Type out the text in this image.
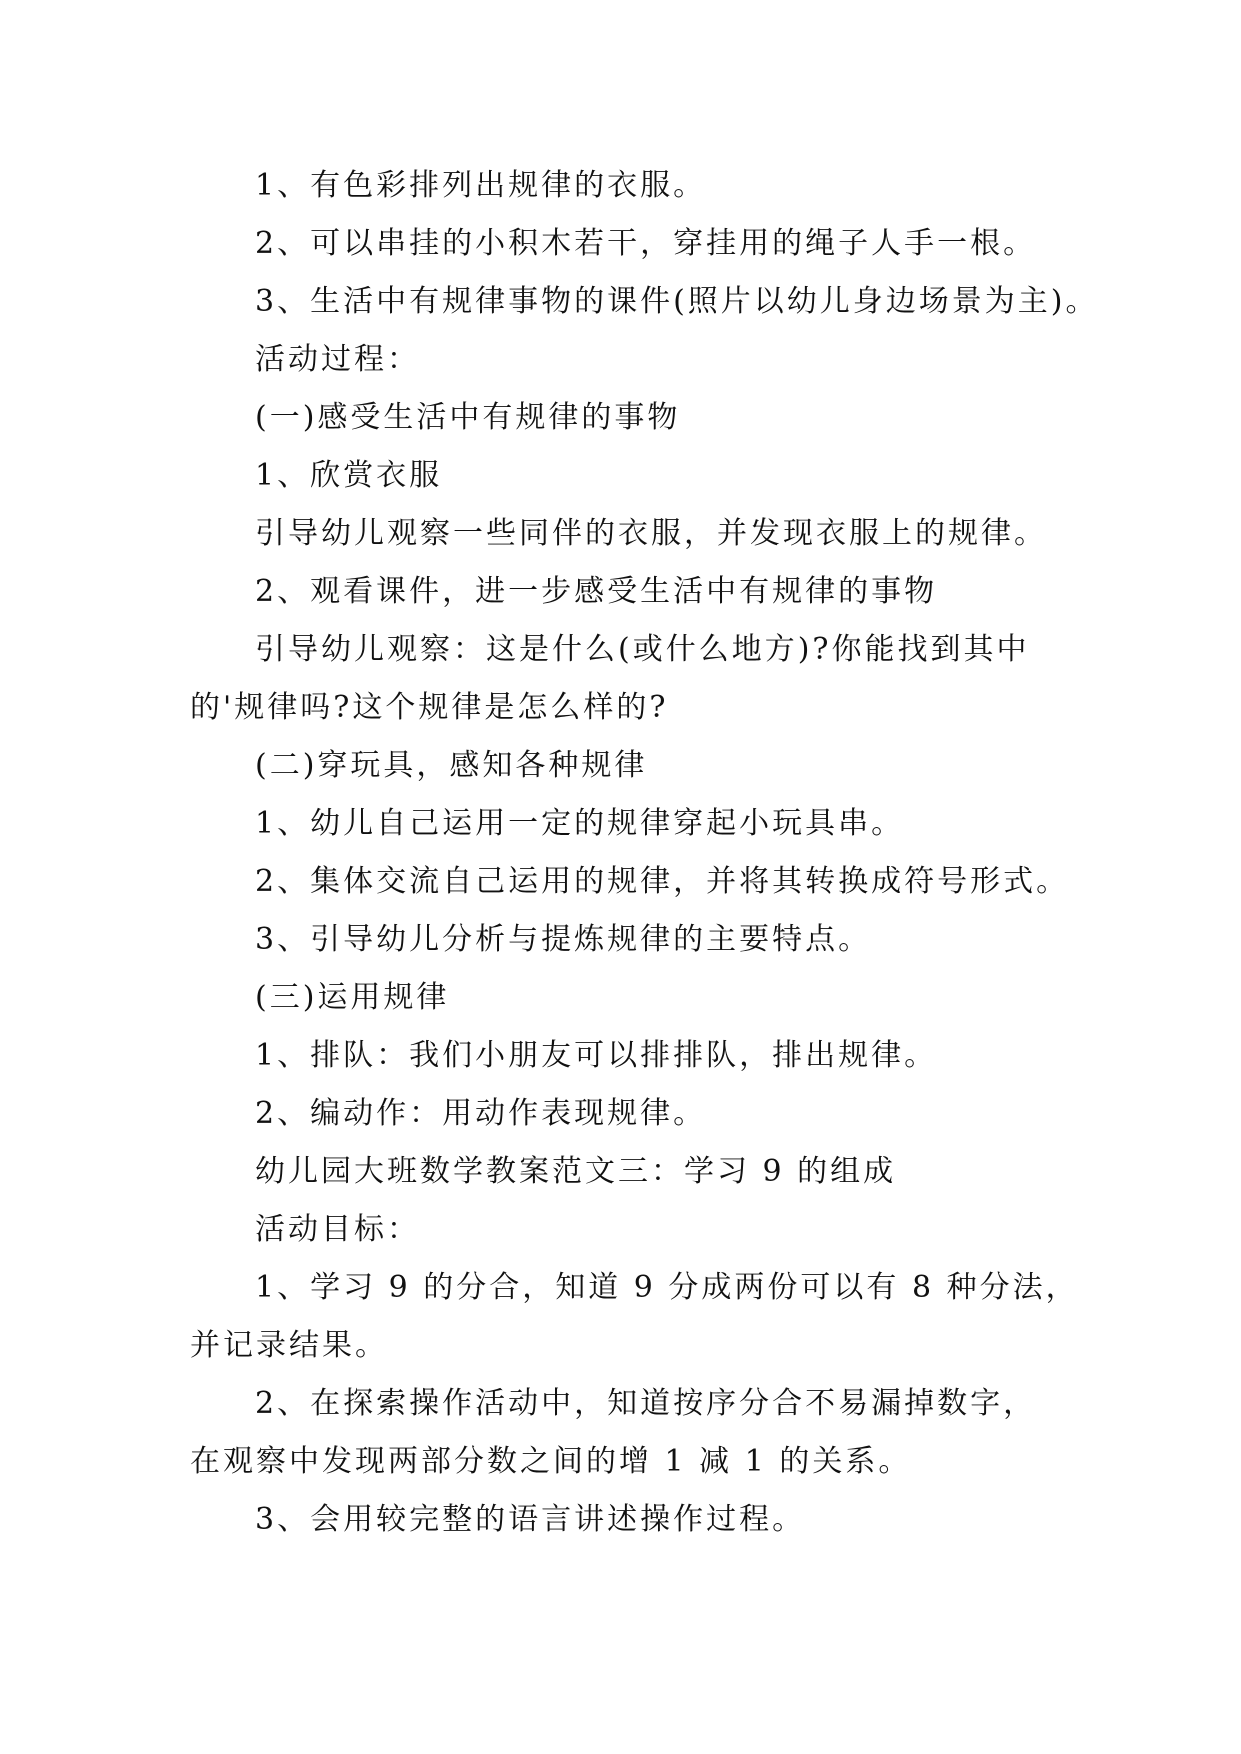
1、有色彩排列出规律的衣服。
2、可以串挂的小积木若干，穿挂用的绳子人手一根。
3、生活中有规律事物的课件(照片以幼儿身边场景为主)。
活动过程：
(一)感受生活中有规律的事物
1、欣赏衣服
引导幼儿观察一些同伴的衣服，并发现衣服上的规律。
2、观看课件，进一步感受生活中有规律的事物
引导幼儿观察：这是什么(或什么地方)?你能找到其中
的'规律吗?这个规律是怎么样的?
(二)穿玩具，感知各种规律
1、幼儿自己运用一定的规律穿起小玩具串。
2、集体交流自己运用的规律，并将其转换成符号形式。
3、引导幼儿分析与提炼规律的主要特点。
(三)运用规律
1、排队：我们小朋友可以排排队，排出规律。
2、编动作：用动作表现规律。
幼儿园大班数学教案范文三：学习 9 的组成
活动目标：
1、学习 9 的分合，知道 9 分成两份可以有 8 种分法，
并记录结果。
2、在探索操作活动中，知道按序分合不易漏掉数字，
在观察中发现两部分数之间的增 1 减 1 的关系。
3、会用较完整的语言讲述操作过程。
